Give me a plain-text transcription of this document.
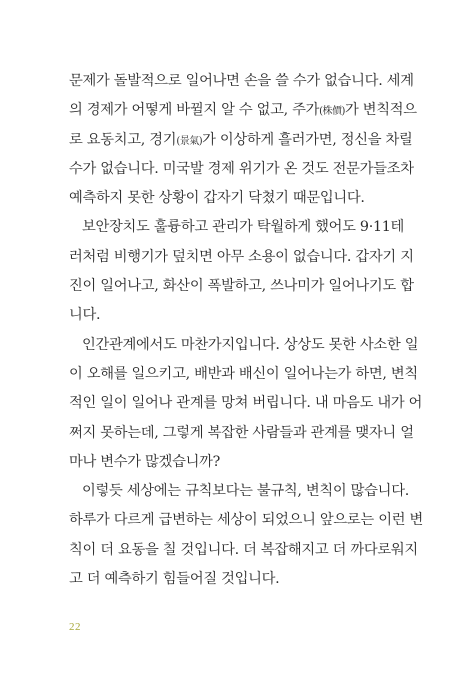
문제가 돌발적으로 일어나면 손을 쓸 수가 없습니다. 세계
의 경제가 어떻게 바뀔지 알 수 없고, 주가(株價)가 변칙적으
로 요동치고, 경기(景氣)가 이상하게 흘러가면, 정신을 차릴
수가 없습니다. 미국발 경제 위기가 온 것도 전문가들조차
예측하지 못한 상황이 갑자기 닥쳤기 때문입니다.
보안장치도 훌륭하고 관리가 탁월하게 했어도 9·11테
러처럼 비행기가 덮치면 아무 소용이 없습니다. 갑자기 지
진이 일어나고, 화산이 폭발하고, 쓰나미가 일어나기도 합
니다.
인간관계에서도 마찬가지입니다. 상상도 못한 사소한 일
이 오해를 일으키고, 배반과 배신이 일어나는가 하면, 변칙
적인 일이 일어나 관계를 망쳐 버립니다. 내 마음도 내가 어
쩌지 못하는데, 그렇게 복잡한 사람들과 관계를 맺자니 얼
마나 변수가 많겠습니까?
이렇듯 세상에는 규칙보다는 불규칙, 변칙이 많습니다.
하루가 다르게 급변하는 세상이 되었으니 앞으로는 이런 변
칙이 더 요동을 칠 것입니다. 더 복잡해지고 더 까다로워지
고 더 예측하기 힘들어질 것입니다.
22
